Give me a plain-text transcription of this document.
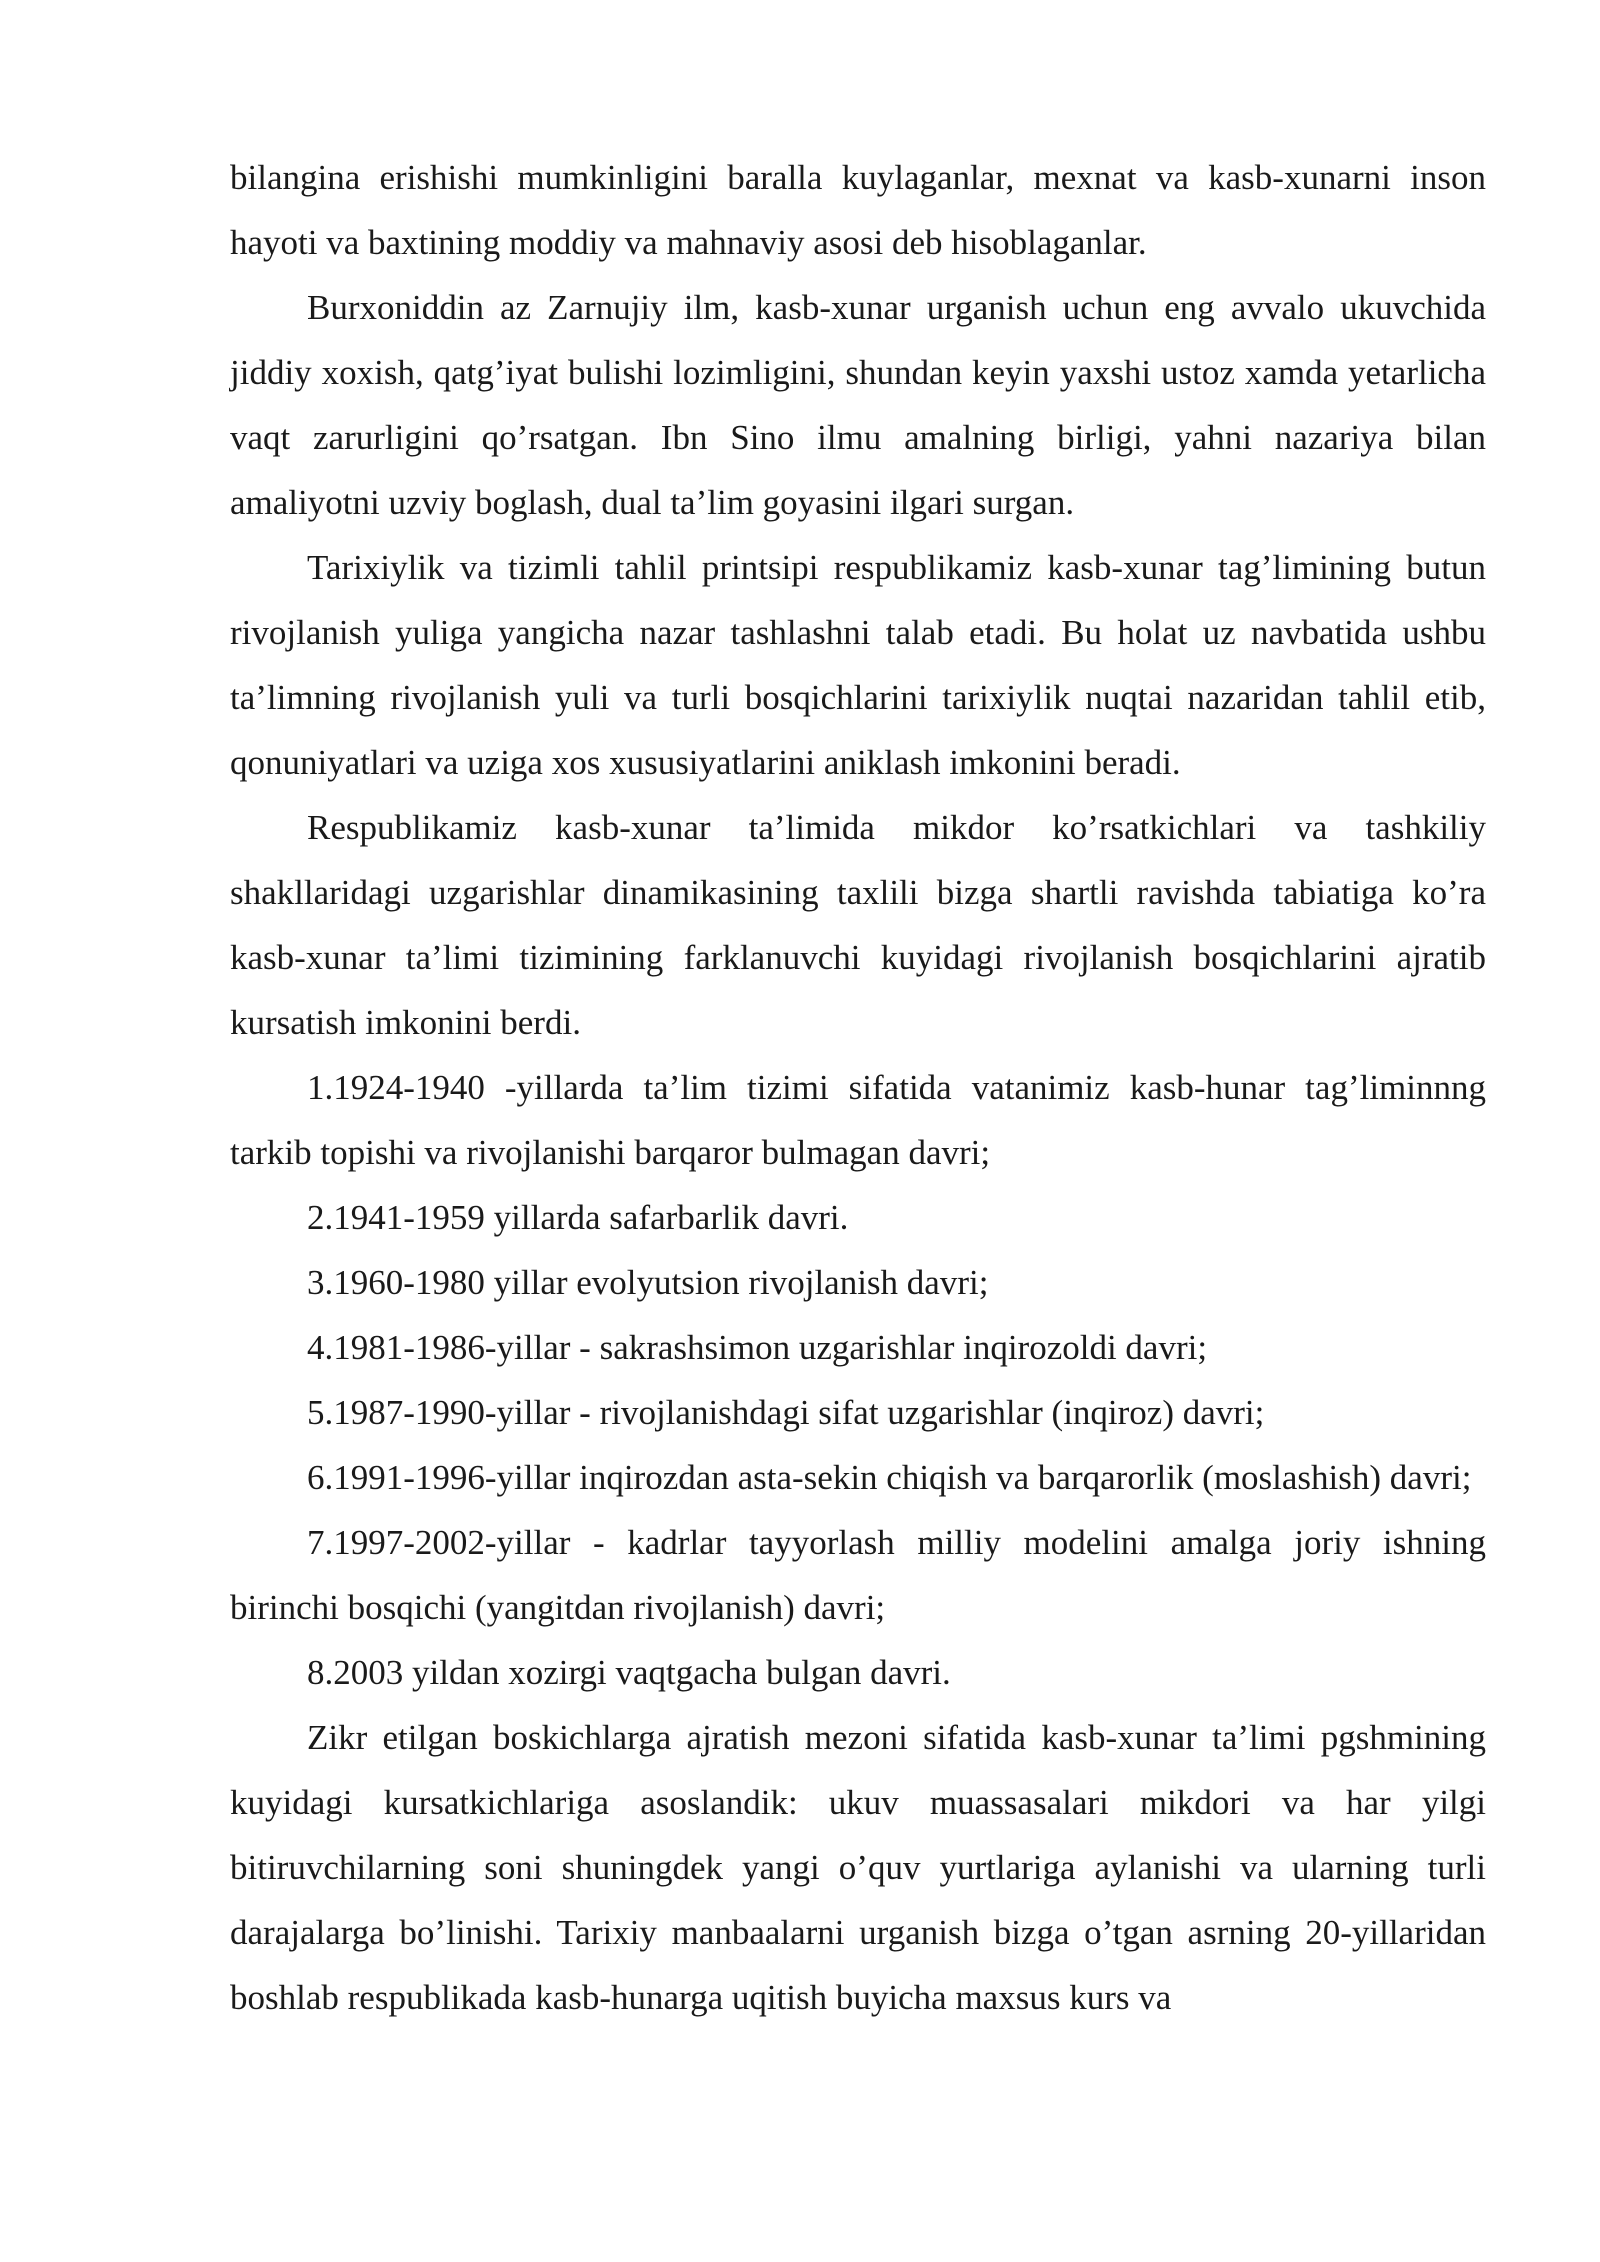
bilangina erishishi mumkinligini baralla kuylaganlar, mexnat va kasb-xunarni inson hayoti va baxtining moddiy va mahnaviy asosi deb hisoblaganlar.

Burxoniddin az Zarnujiy ilm, kasb-xunar urganish uchun eng avvalo ukuvchida jiddiy xoxish, qatg’iyat bulishi lozimligini, shundan keyin yaxshi ustoz xamda yetarlicha vaqt zarurligini qo’rsatgan. Ibn Sino ilmu amalning birligi, yahni nazariya bilan amaliyotni uzviy boglash, dual ta’lim goyasini ilgari surgan.

Tarixiylik va tizimli tahlil printsipi respublikamiz kasb-xunar tag’limining butun rivojlanish yuliga yangicha nazar tashlashni talab etadi. Bu holat uz navbatida ushbu ta’limning rivojlanish yuli va turli bosqichlarini tarixiylik nuqtai nazaridan tahlil etib, qonuniyatlari va uziga xos xususiyatlarini aniklash imkonini beradi.

Respublikamiz kasb-xunar ta’limida mikdor ko’rsatkichlari va tashkiliy shakllaridagi uzgarishlar dinamikasining taxlili bizga shartli ravishda tabiatiga ko’ra kasb-xunar ta’limi tizimining farklanuvchi kuyidagi rivojlanish bosqichlarini ajratib kursatish imkonini berdi.

1.1924-1940 -yillarda ta’lim tizimi sifatida vatanimiz kasb-hunar tag’liminnng tarkib topishi va rivojlanishi barqaror bulmagan davri;

2.1941-1959 yillarda safarbarlik davri.

3.1960-1980 yillar evolyutsion rivojlanish davri;

4.1981-1986-yillar - sakrashsimon uzgarishlar inqirozoldi davri;

5.1987-1990-yillar - rivojlanishdagi sifat uzgarishlar (inqiroz) davri;

6.1991-1996-yillar inqirozdan asta-sekin chiqish va barqarorlik (moslashish) davri;

7.1997-2002-yillar - kadrlar tayyorlash milliy modelini amalga joriy ishning birinchi bosqichi (yangitdan rivojlanish) davri;

8.2003 yildan xozirgi vaqtgacha bulgan davri.

Zikr etilgan boskichlarga ajratish mezoni sifatida kasb-xunar ta’limi pgshmining kuyidagi kursatkichlariga asoslandik: ukuv muassasalari mikdori va har yilgi bitiruvchilarning soni shuningdek yangi o’quv yurtlariga aylanishi va ularning turli darajalarga bo’linishi. Tarixiy manbaalarni urganish bizga o’tgan asrning 20-yillaridan boshlab respublikada kasb-hunarga uqitish buyicha maxsus kurs va
